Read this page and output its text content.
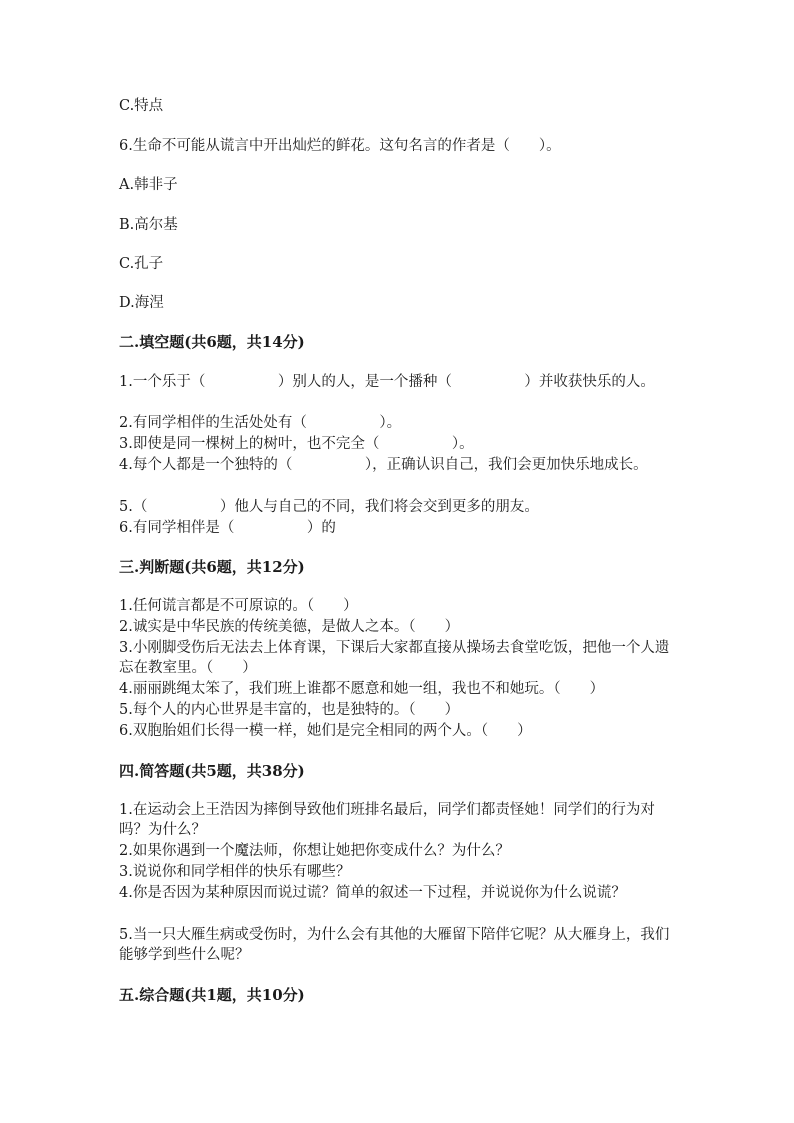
C.特点
6.生命不可能从谎言中开出灿烂的鲜花。这句名言的作者是（　　）。
A.韩非子
B.高尔基
C.孔子
D.海涅
二.填空题(共6题，共14分)
1.一个乐于（　　　　　）别人的人，是一个播种（　　　　　）并收获快乐的人。
2.有同学相伴的生活处处有（　　　　　）。
3.即使是同一棵树上的树叶，也不完全（　　　　　）。
4.每个人都是一个独特的（　　　　　），正确认识自己，我们会更加快乐地成长。
5.（　　　　　）他人与自己的不同，我们将会交到更多的朋友。
6.有同学相伴是（　　　　　）的
三.判断题(共6题，共12分)
1.任何谎言都是不可原谅的。（　　）
2.诚实是中华民族的传统美德，是做人之本。（　　）
3.小刚脚受伤后无法去上体育课，下课后大家都直接从操场去食堂吃饭，把他一个人遗忘在教室里。（　　）
4.丽丽跳绳太笨了，我们班上谁都不愿意和她一组，我也不和她玩。（　　）
5.每个人的内心世界是丰富的，也是独特的。（　　）
6.双胞胎姐们长得一模一样，她们是完全相同的两个人。（　　）
四.简答题(共5题，共38分)
1.在运动会上王浩因为摔倒导致他们班排名最后，同学们都责怪她！同学们的行为对吗？为什么？
2.如果你遇到一个魔法师，你想让她把你变成什么？为什么？
3.说说你和同学相伴的快乐有哪些？
4.你是否因为某种原因而说过谎？简单的叙述一下过程，并说说你为什么说谎？
5.当一只大雁生病或受伤时，为什么会有其他的大雁留下陪伴它呢？从大雁身上，我们能够学到些什么呢？
五.综合题(共1题，共10分)
